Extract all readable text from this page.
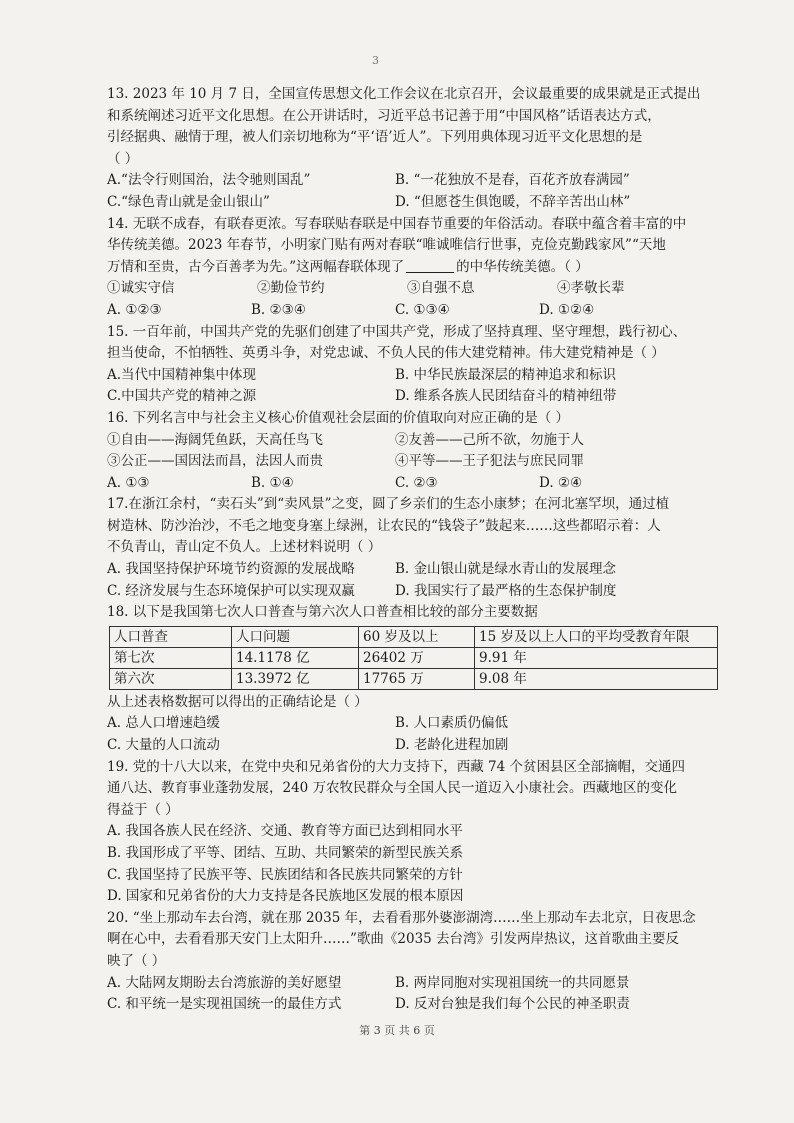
3
13. 2023 年 10 月 7 日，全国宣传思想文化工作会议在北京召开，会议最重要的成果就是正式提出
和系统阐述习近平文化思想。在公开讲话时，习近平总书记善于用“中国风格”话语表达方式，
引经据典、融情于理，被人们亲切地称为“平‘语’近人”。下列用典体现习近平文化思想的是
（ ）
A.“法令行则国治，法令驰则国乱”	B. “一花独放不是春，百花齐放春满园”
C.“绿色青山就是金山银山”	D. “但愿苍生俱饱暖，不辞辛苦出山林”
14. 无联不成春，有联春更浓。写春联贴春联是中国春节重要的年俗活动。春联中蕴含着丰富的中
华传统美德。2023 年春节，小明家门贴有两对春联“唯诚唯信行世事，克俭克勤践家风”“天地
万情和至贵，古今百善孝为先。”这两幅春联体现了	的中华传统美德。（ ）
①诚实守信	②勤俭节约	③自强不息	④孝敬长辈
A. ①②③	B. ②③④	C. ①③④	D. ①②④
15. 一百年前，中国共产党的先驱们创建了中国共产党，形成了坚持真理、坚守理想，践行初心、
担当使命，不怕牺牲、英勇斗争，对党忠诚、不负人民的伟大建党精神。伟大建党精神是（ ）
A.当代中国精神集中体现	B. 中华民族最深层的精神追求和标识
C.中国共产党的精神之源	D. 维系各族人民团结奋斗的精神纽带
16. 下列名言中与社会主义核心价值观社会层面的价值取向对应正确的是（ ）
①自由——海阔凭鱼跃，天高任鸟飞	②友善——己所不欲，勿施于人
③公正——国因法而昌，法因人而贵	④平等——王子犯法与庶民同罪
A. ①③	B. ①④	C. ②③	D. ②④
17.在浙江余村，“卖石头”到“卖风景”之变，圆了乡亲们的生态小康梦；在河北塞罕坝，通过植
树造林、防沙治沙，不毛之地变身塞上绿洲，让农民的“钱袋子”鼓起来……这些都昭示着：人
不负青山，青山定不负人。上述材料说明（ ）
A. 我国坚持保护环境节约资源的发展战略	B. 金山银山就是绿水青山的发展理念
C. 经济发展与生态环境保护可以实现双赢	D. 我国实行了最严格的生态保护制度
18. 以下是我国第七次人口普查与第六次人口普查相比较的部分主要数据
人口普查	人口问题	60 岁及以上	15 岁及以上人口的平均受教育年限
第七次	14.1178 亿	26402 万	9.91 年
第六次	13.3972 亿	17765 万	9.08 年
从上述表格数据可以得出的正确结论是（ ）
A. 总人口增速趋缓	B. 人口素质仍偏低
C. 大量的人口流动	D. 老龄化进程加剧
19. 党的十八大以来，在党中央和兄弟省份的大力支持下，西藏 74 个贫困县区全部摘帽，交通四
通八达、教育事业蓬勃发展，240 万农牧民群众与全国人民一道迈入小康社会。西藏地区的变化
得益于（ ）
A. 我国各族人民在经济、交通、教育等方面已达到相同水平
B. 我国形成了平等、团结、互助、共同繁荣的新型民族关系
C. 我国坚持了民族平等、民族团结和各民族共同繁荣的方针
D. 国家和兄弟省份的大力支持是各民族地区发展的根本原因
20. “坐上那动车去台湾，就在那 2035 年，去看看那外婆澎湖湾……坐上那动车去北京，日夜思念
啊在心中，去看看那天安门上太阳升……”歌曲《2035 去台湾》引发两岸热议，这首歌曲主要反
映了（ ）
A. 大陆网友期盼去台湾旅游的美好愿望	B. 两岸同胞对实现祖国统一的共同愿景
C. 和平统一是实现祖国统一的最佳方式	D. 反对台独是我们每个公民的神圣职责
第 3 页 共 6 页
